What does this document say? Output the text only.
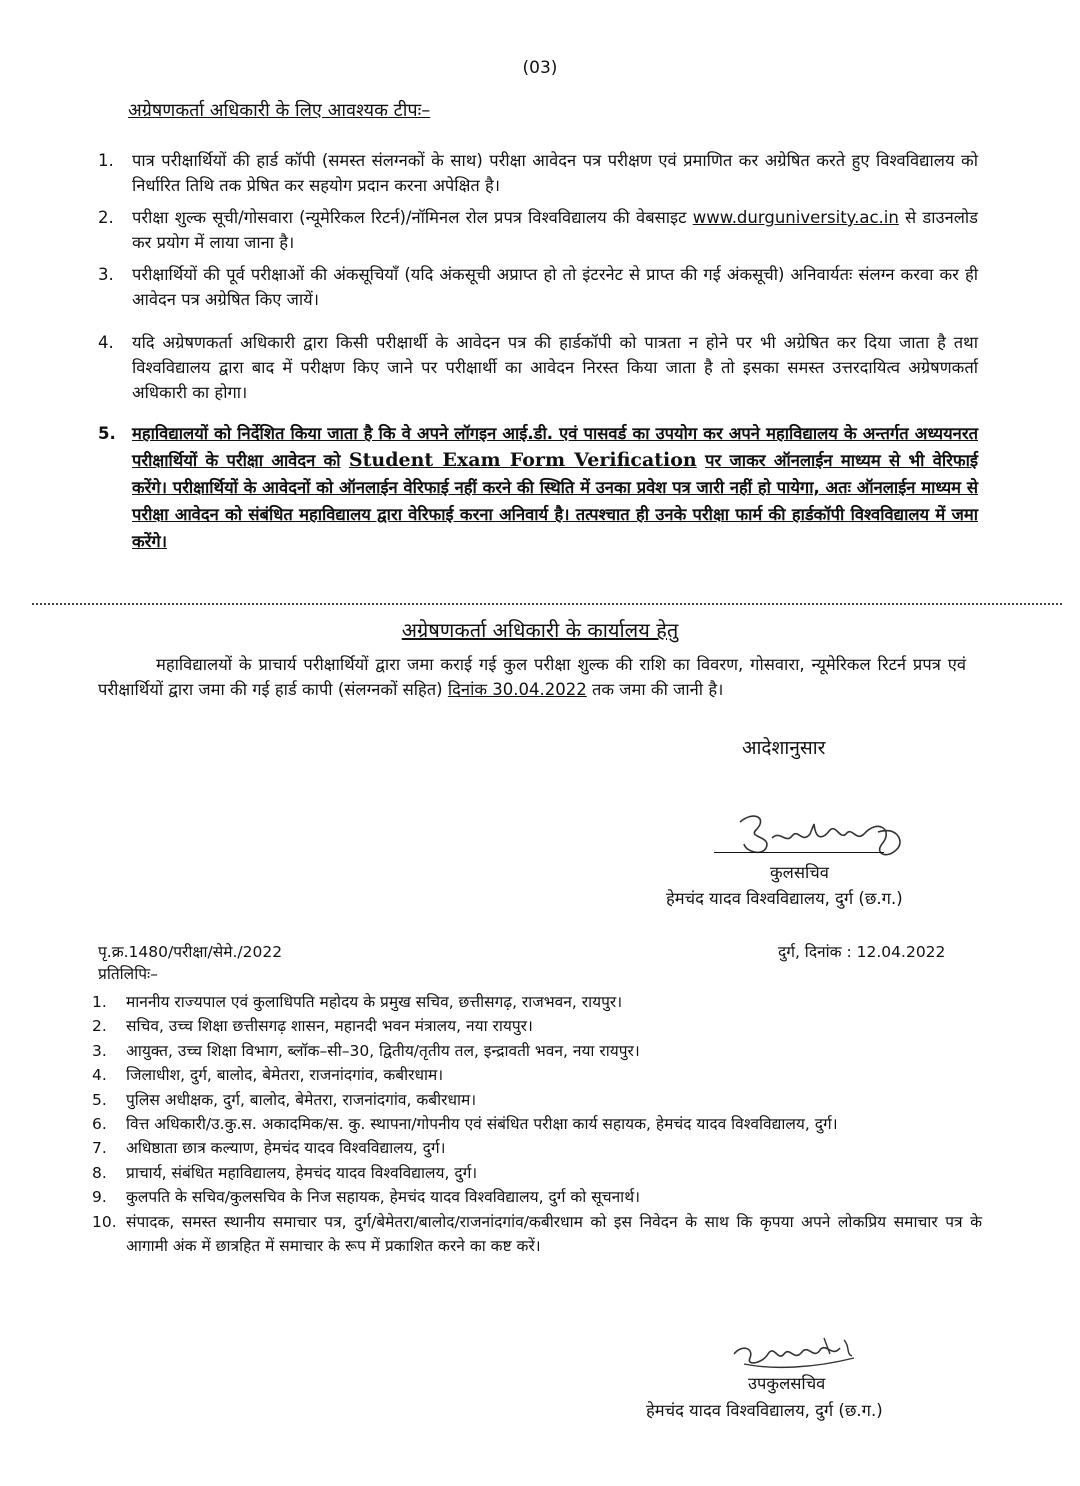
(03)
अग्रेषणकर्ता अधिकारी के लिए आवश्यक टीपः–
1. पात्र परीक्षार्थियों की हार्ड कॉपी (समस्त संलग्नकों के साथ) परीक्षा आवेदन पत्र परीक्षण एवं प्रमाणित कर अग्रेषित करते हुए विश्वविद्यालय को निर्धारित तिथि तक प्रेषित कर सहयोग प्रदान करना अपेक्षित है।
2. परीक्षा शुल्क सूची/गोसवारा (न्यूमेरिकल रिटर्न)/नॉमिनल रोल प्रपत्र विश्वविद्यालय की वेबसाइट www.durguniversity.ac.in से डाउनलोड कर प्रयोग में लाया जाना है।
3. परीक्षार्थियों की पूर्व परीक्षाओं की अंकसूचियाँ (यदि अंकसूची अप्राप्त हो तो इंटरनेट से प्राप्त की गई अंकसूची) अनिवार्यतः संलग्न करवा कर ही आवेदन पत्र अग्रेषित किए जायें।
4. यदि अग्रेषणकर्ता अधिकारी द्वारा किसी परीक्षार्थी के आवेदन पत्र की हार्डकॉपी को पात्रता न होने पर भी अग्रेषित कर दिया जाता है तथा विश्वविद्यालय द्वारा बाद में परीक्षण किए जाने पर परीक्षार्थी का आवेदन निरस्त किया जाता है तो इसका समस्त उत्तरदायित्व अग्रेषणकर्ता अधिकारी का होगा।
5. महाविद्यालयों को निर्देशित किया जाता है कि वे अपने लॉगइन आई.डी. एवं पासवर्ड का उपयोग कर अपने महाविद्यालय के अन्तर्गत अध्ययनरत परीक्षार्थियों के परीक्षा आवेदन को Student Exam Form Verification पर जाकर ऑनलाईन माध्यम से भी वेरिफाई करेंगे। परीक्षार्थियों के आवेदनों को ऑनलाईन वेरिफाई नहीं करने की स्थिति में उनका प्रवेश पत्र जारी नहीं हो पायेगा, अतः ऑनलाईन माध्यम से परीक्षा आवेदन को संबंधित महाविद्यालय द्वारा वेरिफाई करना अनिवार्य है। तत्पश्चात ही उनके परीक्षा फार्म की हार्डकॉपी विश्वविद्यालय में जमा करेंगे।
अग्रेषणकर्ता अधिकारी के कार्यालय हेतु
महाविद्यालयों के प्राचार्य परीक्षार्थियों द्वारा जमा कराई गई कुल परीक्षा शुल्क की राशि का विवरण, गोसवारा, न्यूमेरिकल रिटर्न प्रपत्र एवं परीक्षार्थियों द्वारा जमा की गई हार्ड कापी (संलग्नकों सहित) दिनांक 30.04.2022 तक जमा की जानी है।
आदेशानुसार
कुलसचिव
हेमचंद यादव विश्वविद्यालय, दुर्ग (छ.ग.)
पृ.क्र.1480/परीक्षा/सेमे./2022	दुर्ग, दिनांक : 12.04.2022
प्रतिलिपिः–
1. माननीय राज्यपाल एवं कुलाधिपति महोदय के प्रमुख सचिव, छत्तीसगढ़, राजभवन, रायपुर।
2. सचिव, उच्च शिक्षा छत्तीसगढ़ शासन, महानदी भवन मंत्रालय, नया रायपुर।
3. आयुक्त, उच्च शिक्षा विभाग, ब्लॉक–सी–30, द्वितीय/तृतीय तल, इन्द्रावती भवन, नया रायपुर।
4. जिलाधीश, दुर्ग, बालोद, बेमेतरा, राजनांदगांव, कबीरधाम।
5. पुलिस अधीक्षक, दुर्ग, बालोद, बेमेतरा, राजनांदगांव, कबीरधाम।
6. वित्त अधिकारी/उ.कु.स. अकादमिक/स. कु. स्थापना/गोपनीय एवं संबंधित परीक्षा कार्य सहायक, हेमचंद यादव विश्वविद्यालय, दुर्ग।
7. अधिष्ठाता छात्र कल्याण, हेमचंद यादव विश्वविद्यालय, दुर्ग।
8. प्राचार्य, संबंधित महाविद्यालय, हेमचंद यादव विश्वविद्यालय, दुर्ग।
9. कुलपति के सचिव/कुलसचिव के निज सहायक, हेमचंद यादव विश्वविद्यालय, दुर्ग को सूचनार्थ।
10. संपादक, समस्त स्थानीय समाचार पत्र, दुर्ग/बेमेतरा/बालोद/राजनांदगांव/कबीरधाम को इस निवेदन के साथ कि कृपया अपने लोकप्रिय समाचार पत्र के आगामी अंक में छात्रहित में समाचार के रूप में प्रकाशित करने का कष्ट करें।
उपकुलसचिव
हेमचंद यादव विश्वविद्यालय, दुर्ग (छ.ग.)
